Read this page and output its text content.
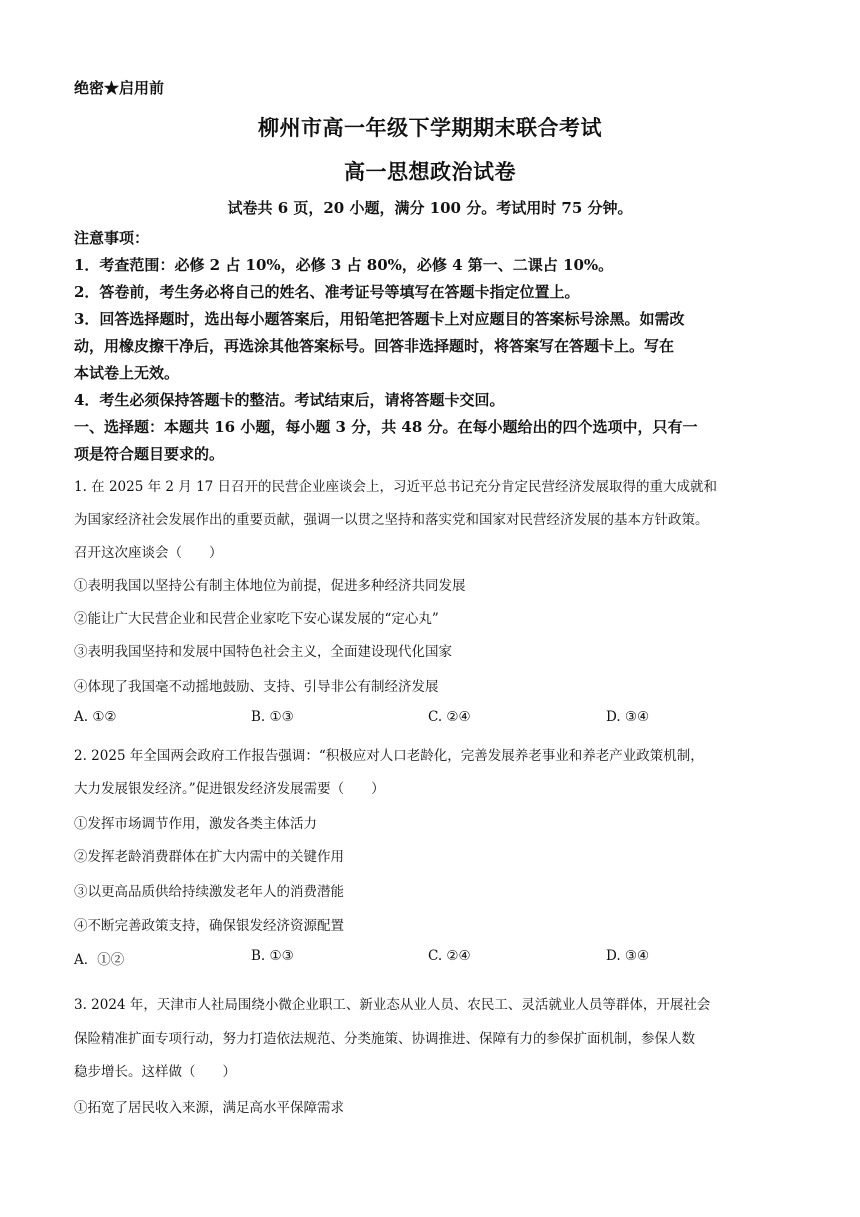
绝密★启用前
柳州市高一年级下学期期末联合考试
高一思想政治试卷
试卷共 6 页，20 小题，满分 100 分。考试用时 75 分钟。
注意事项：
1．考查范围：必修 2 占 10%，必修 3 占 80%，必修 4 第一、二课占 10%。
2．答卷前，考生务必将自己的姓名、准考证号等填写在答题卡指定位置上。
3．回答选择题时，选出每小题答案后，用铅笔把答题卡上对应题目的答案标号涂黑。如需改
动，用橡皮擦干净后，再选涂其他答案标号。回答非选择题时，将答案写在答题卡上。写在
本试卷上无效。
4．考生必须保持答题卡的整洁。考试结束后，请将答题卡交回。
一、选择题：本题共 16 小题，每小题 3 分，共 48 分。在每小题给出的四个选项中，只有一
项是符合题目要求的。
1. 在 2025 年 2 月 17 日召开的民营企业座谈会上，习近平总书记充分肯定民营经济发展取得的重大成就和
为国家经济社会发展作出的重要贡献，强调一以贯之坚持和落实党和国家对民营经济发展的基本方针政策。
召开这次座谈会（　　）
①表明我国以坚持公有制主体地位为前提，促进多种经济共同发展
②能让广大民营企业和民营企业家吃下安心谋发展的“定心丸”
③表明我国坚持和发展中国特色社会主义，全面建设现代化国家
④体现了我国毫不动摇地鼓励、支持、引导非公有制经济发展
A. ①②	B. ①③	C. ②④	D. ③④
2. 2025 年全国两会政府工作报告强调：“积极应对人口老龄化，完善发展养老事业和养老产业政策机制，
大力发展银发经济。”促进银发经济发展需要（　　）
①发挥市场调节作用，激发各类主体活力
②发挥老龄消费群体在扩大内需中的关键作用
③以更高品质供给持续激发老年人的消费潜能
④不断完善政策支持，确保银发经济资源配置
A．①②	B. ①③	C. ②④	D. ③④
3. 2024 年，天津市人社局围绕小微企业职工、新业态从业人员、农民工、灵活就业人员等群体，开展社会
保险精准扩面专项行动，努力打造依法规范、分类施策、协调推进、保障有力的参保扩面机制，参保人数
稳步增长。这样做（　　）
①拓宽了居民收入来源，满足高水平保障需求
